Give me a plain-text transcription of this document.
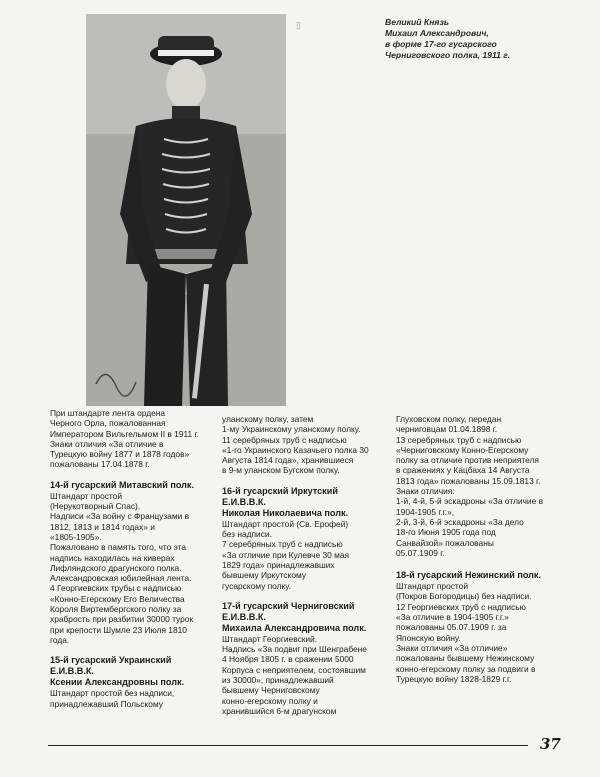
▯	Великий Князь
Михаил Александрович,
в форме 17-го гусарского
Черниговского полка, 1911 г.

При штандарте лента ордена

Черного Орла, пожалованная

Императором Вильгельмом II в 1911 г.

Знаки отличия «За отличие в

Турецкую войну 1877 и 1878 годов»

пожалованы 17.04.1878 г.

14-й гусарский Митавский полк.

Штандарт простой

(Нерукотворный Спас).

Надписи «За войну с Французами в

1812, 1813 и 1814 годах» и

«1805-1905».

Пожаловано в память того, что эта

надпись находилась на киверах

Лифляндского драгунского полка.

Александровская юбилейная лента.

4 Георгиевских трубы с надписью

«Конно-Егерскому Его Величества

Короля Виртембергского полку за

храбрость при разбитии 30000 турок

при крепости Шумле 23 Июля 1810

года.

15-й гусарский Украинский
Е.И.В.В.К.
Ксении Александровны полк.

Штандарт простой без надписи,

принадлежавший Польскому

уланскому полку, затем

1-му Украинскому уланскому полку.

11 серебряных труб с надписью

«1-го Украинского Казачьего полка 30

Августа 1814 года», хранившиеся

в 9-м уланском Бугском полку.

16-й гусарский Иркутский
Е.И.В.В.К.
Николая Николаевича полк.

Штандарт простой (Св. Ерофей)

без надписи.

7 серебряных труб с надписью

«За отличие при Кулевче 30 мая

1829 года» принадлежавших

бывшему Иркутскому

гусарскому полку.

17-й гусарский Черниговский
Е.И.В.В.К.
Михаила Александровича полк.

Штандарт Георгиевский.

Надпись «За подвиг при Шенграбене

4 Ноября 1805 г. в сражении 5000

Корпуса с неприятелем, состоявшим

из 30000», принадлежавший

бывшему Черниговскому

конно-егерскому полку и

хранившийся 6-м драгунском

Глуховском полку, передан

черниговцам 01.04.1898 г.

13 серебряных труб с надписью

«Черниговскому Конно-Егерскому

полку за отличие против неприятеля

в сражениях у Кацбаха 14 Августа

1813 года» пожалованы 15.09.1813 г.

Знаки отличия:

1-й, 4-й, 5-й эскадроны «За отличие в

1904-1905 г.г.»,

2-й, 3-й, 6-й эскадроны «За дело

18-го Июня 1905 года под

Санвайзой» пожалованы

05.07.1909 г.

18-й гусарский Нежинский полк.

Штандарт простой

(Покров Богородицы) без надписи.

12 Георгиевских труб с надписью

«За отличие в 1904-1905 г.г.»

пожалованы 05.07.1909 г. за

Японскую войну.

Знаки отличия «За отличие»

пожалованы бывшему Нежинскому

конно-егерскому полку за подвиги в

Турецкую войну 1828-1829 г.г.

37
